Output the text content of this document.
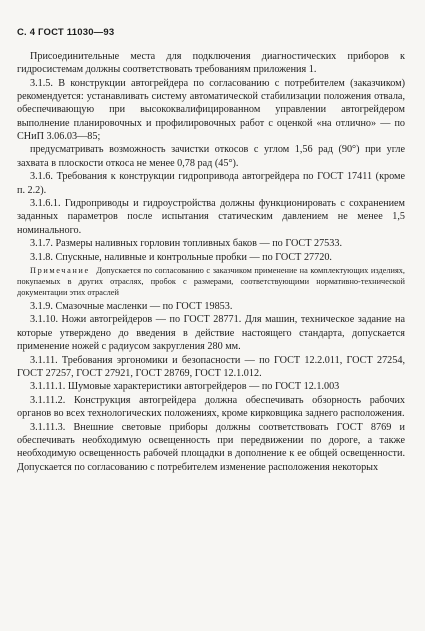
С. 4 ГОСТ 11030—93

Присоединительные места для подключения диагностических приборов к гидросистемам должны соответствовать требованиям приложения 1.

3.1.5. В конструкции автогрейдера по согласованию с потребителем (заказчиком) рекомендуется: устанавливать систему автоматической стабилизации положения отвала, обеспечивающую при высококвалифицированном управлении автогрейдером выполнение планировочных и профилировочных работ с оценкой «на отлично» — по СНиП 3.06.03—85;

предусматривать возможность зачистки откосов с углом 1,56 рад (90°) при угле захвата в плоскости откоса не менее 0,78 рад (45°).

3.1.6. Требования к конструкции гидропривода автогрейдера по ГОСТ 17411 (кроме п. 2.2).

3.1.6.1. Гидроприводы и гидроустройства должны функционировать с сохранением заданных параметров после испытания статическим давлением не менее 1,5 номинального.

3.1.7. Размеры наливных горловин топливных баков — по ГОСТ 27533.

3.1.8. Спускные, наливные и контрольные пробки — по ГОСТ 27720.

Примечание Допускается по согласованию с заказчиком применение на комплектующих изделиях, покупаемых в других отраслях, пробок с размерами, соответствующими нормативно-технической документации этих отраслей

3.1.9. Смазочные масленки — по ГОСТ 19853.

3.1.10. Ножи автогрейдеров — по ГОСТ 28771. Для машин, техническое задание на которые утверждено до введения в действие настоящего стандарта, допускается применение ножей с радиусом закругления 280 мм.

3.1.11. Требования эргономики и безопасности — по ГОСТ 12.2.011, ГОСТ 27254, ГОСТ 27257, ГОСТ 27921, ГОСТ 28769, ГОСТ 12.1.012.

3.1.11.1. Шумовые характеристики автогрейдеров — по ГОСТ 12.1.003

3.1.11.2. Конструкция автогрейдера должна обеспечивать обзорность рабочих органов во всех технологических положениях, кроме кирковщика заднего расположения.

3.1.11.3. Внешние световые приборы должны соответствовать ГОСТ 8769 и обеспечивать необходимую освещенность при передвижении по дороге, а также необходимую освещенность рабочей площадки в дополнение к ее общей освещенности. Допускается по согласованию с потребителем изменение расположения некоторых
